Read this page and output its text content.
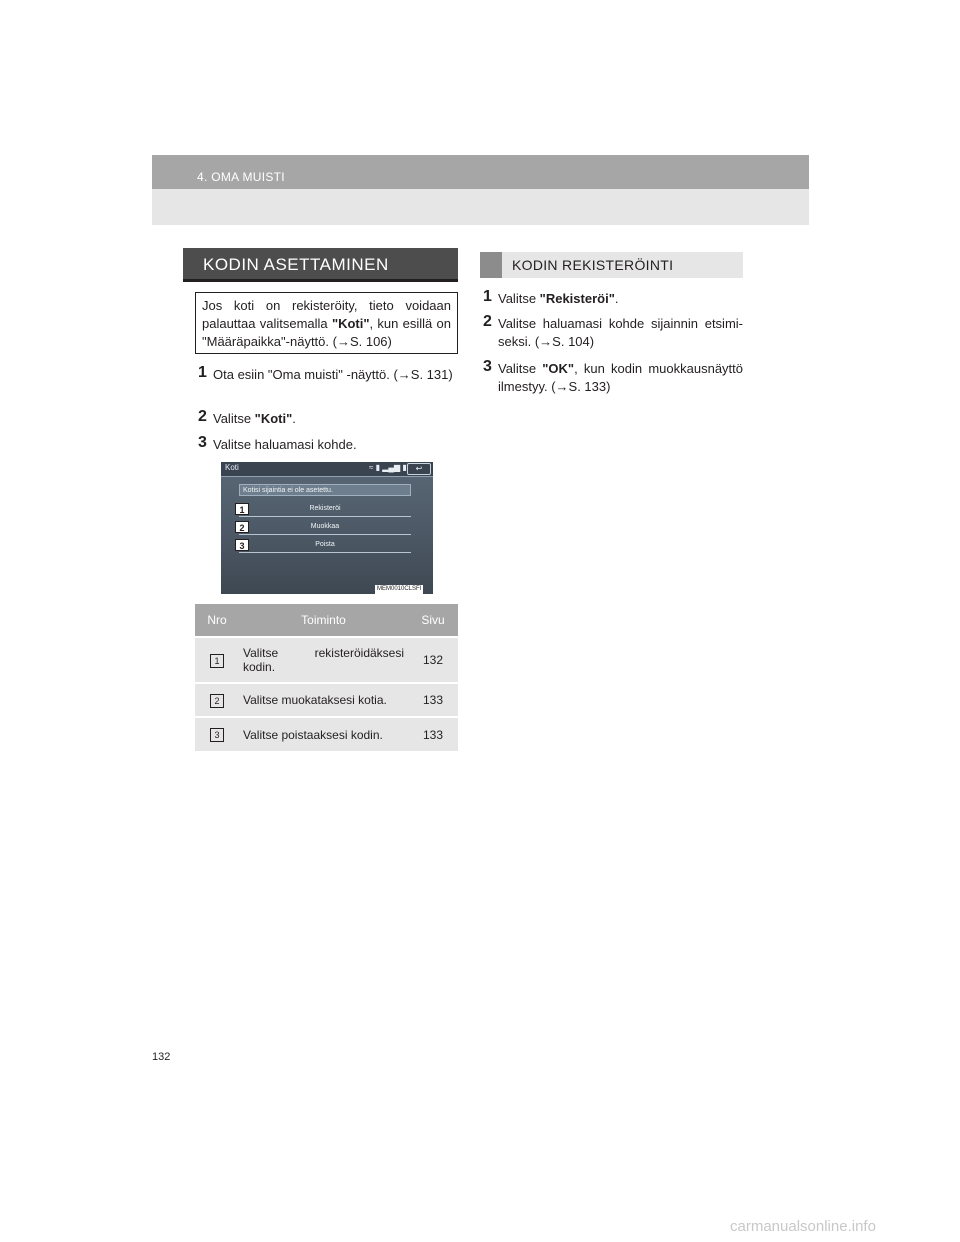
4. OMA MUISTI
KODIN ASETTAMINEN
Jos koti on rekisteröity, tieto voidaan palauttaa valitsemalla "Koti", kun esillä on "Määräpaikka"-näyttö. (→S. 106)
1 Ota esiin "Oma muisti" -näyttö. (→S. 131)
2 Valitse "Koti".
3 Valitse haluamasi kohde.
Koti	≈ ▮ ▂▄▆ ▮	↩
Kotisi sijaintia ei ole asetettu.
Rekisteröi
Muokkaa
Poista
1
2
3
MEM0010CLSFI
Nro	Toiminto	Sivu
1	Valitse rekisteröidäksesi kodin.	132
2	Valitse muokataksesi kotia.	133
3	Valitse poistaaksesi kodin.	133
KODIN REKISTERÖINTI
1 Valitse "Rekisteröi".
2 Valitse haluamasi kohde sijainnin etsimi-seksi. (→S. 104)
3 Valitse "OK", kun kodin muokkausnäyttö ilmestyy. (→S. 133)
132
carmanualsonline.info
